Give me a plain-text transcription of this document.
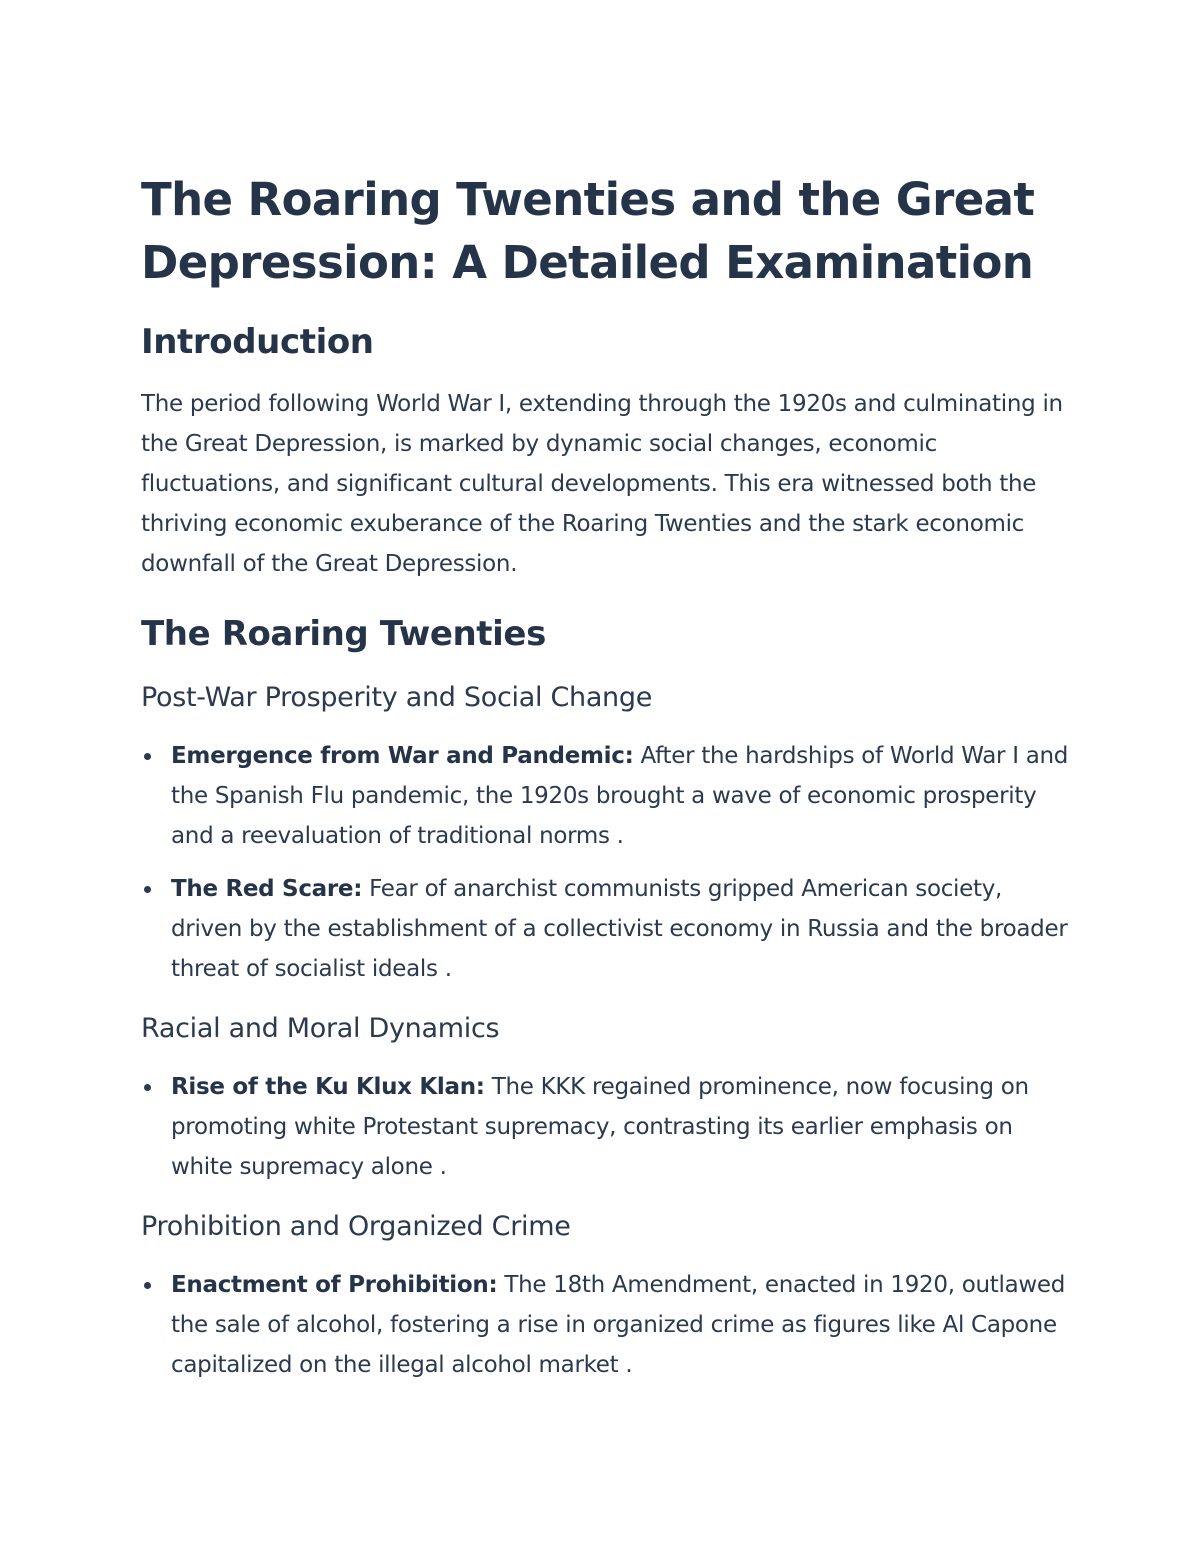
The Roaring Twenties and the Great Depression: A Detailed Examination
Introduction

The period following World War I, extending through the 1920s and culminating in the Great Depression, is marked by dynamic social changes, economic fluctuations, and significant cultural developments. This era witnessed both the thriving economic exuberance of the Roaring Twenties and the stark economic downfall of the Great Depression.

The Roaring Twenties
Post-War Prosperity and Social Change
Emergence from War and Pandemic: After the hardships of World War I and the Spanish Flu pandemic, the 1920s brought a wave of economic prosperity and a reevaluation of traditional norms .
The Red Scare: Fear of anarchist communists gripped American society, driven by the establishment of a collectivist economy in Russia and the broader threat of socialist ideals .
Racial and Moral Dynamics
Rise of the Ku Klux Klan: The KKK regained prominence, now focusing on promoting white Protestant supremacy, contrasting its earlier emphasis on white supremacy alone .
Prohibition and Organized Crime
Enactment of Prohibition: The 18th Amendment, enacted in 1920, outlawed the sale of alcohol, fostering a rise in organized crime as figures like Al Capone capitalized on the illegal alcohol market .
